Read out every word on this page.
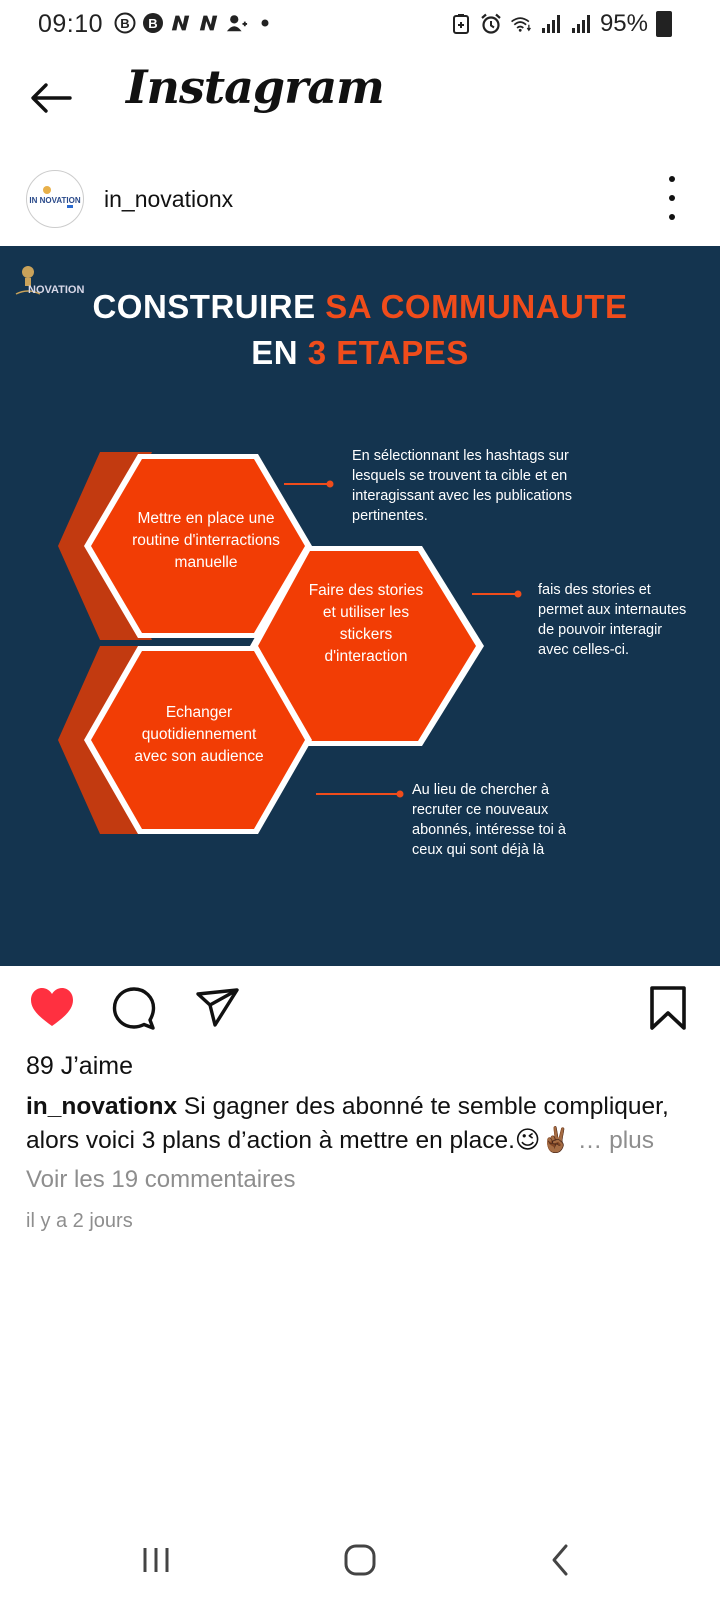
09:10 B B	95%
Instagram
IN NOVATION in_novationx
NOVATION CONSTRUIRE SA COMMUNAUTE
EN 3 ETAPES
Mettre en place une routine d'interractions manuelle
Faire des stories et utiliser les stickers d'interaction
Echanger quotidiennement avec son audience
En sélectionnant les hashtags sur lesquels se trouvent ta cible et en interagissant avec les publications pertinentes.
fais des stories et permet aux internautes de pouvoir interagir avec celles-ci.
Au lieu de chercher à recruter ce nouveaux abonnés, intéresse toi à ceux qui sont déjà là
89 J’aime
in_novationx Si gagner des abonné te semble compliquer, alors voici 3 plans d’action à mettre en place.😉✌🏾 … plus
Voir les 19 commentaires
il y a 2 jours
